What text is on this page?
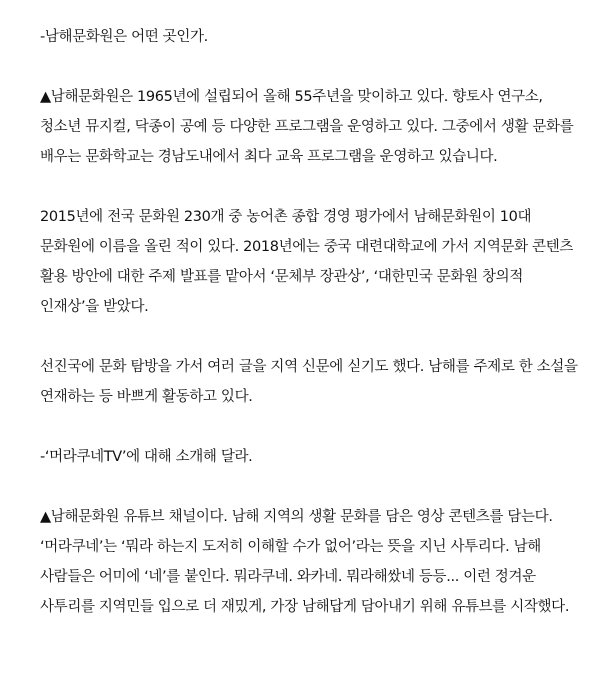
-남해문화원은 어떤 곳인가.

▲남해문화원은 1965년에 설립되어 올해 55주년을 맞이하고 있다. 향토사 연구소, 청소년 뮤지컬, 닥종이 공예 등 다양한 프로그램을 운영하고 있다. 그중에서 생활 문화를 배우는 문화학교는 경남도내에서 최다 교육 프로그램을 운영하고 있습니다.

2015년에 전국 문화원 230개 중 농어촌 종합 경영 평가에서 남해문화원이 10대 문화원에 이름을 올린 적이 있다. 2018년에는 중국 대련대학교에 가서 지역문화 콘텐츠 활용 방안에 대한 주제 발표를 맡아서 ‘문체부 장관상’, ‘대한민국 문화원 창의적 인재상’을 받았다.

선진국에 문화 탐방을 가서 여러 글을 지역 신문에 싣기도 했다. 남해를 주제로 한 소설을 연재하는 등 바쁘게 활동하고 있다.

-‘머라쿠네TV’에 대해 소개해 달라.

▲남해문화원 유튜브 채널이다. 남해 지역의 생활 문화를 담은 영상 콘텐츠를 담는다. ‘머라쿠네’는 ‘뭐라 하는지 도저히 이해할 수가 없어’라는 뜻을 지닌 사투리다. 남해 사람들은 어미에 ‘네’를 붙인다. 뭐라쿠네. 와카네. 뭐라해쌌네 등등... 이런 정겨운 사투리를 지역민들 입으로 더 재밌게, 가장 남해답게 담아내기 위해 유튜브를 시작했다.
